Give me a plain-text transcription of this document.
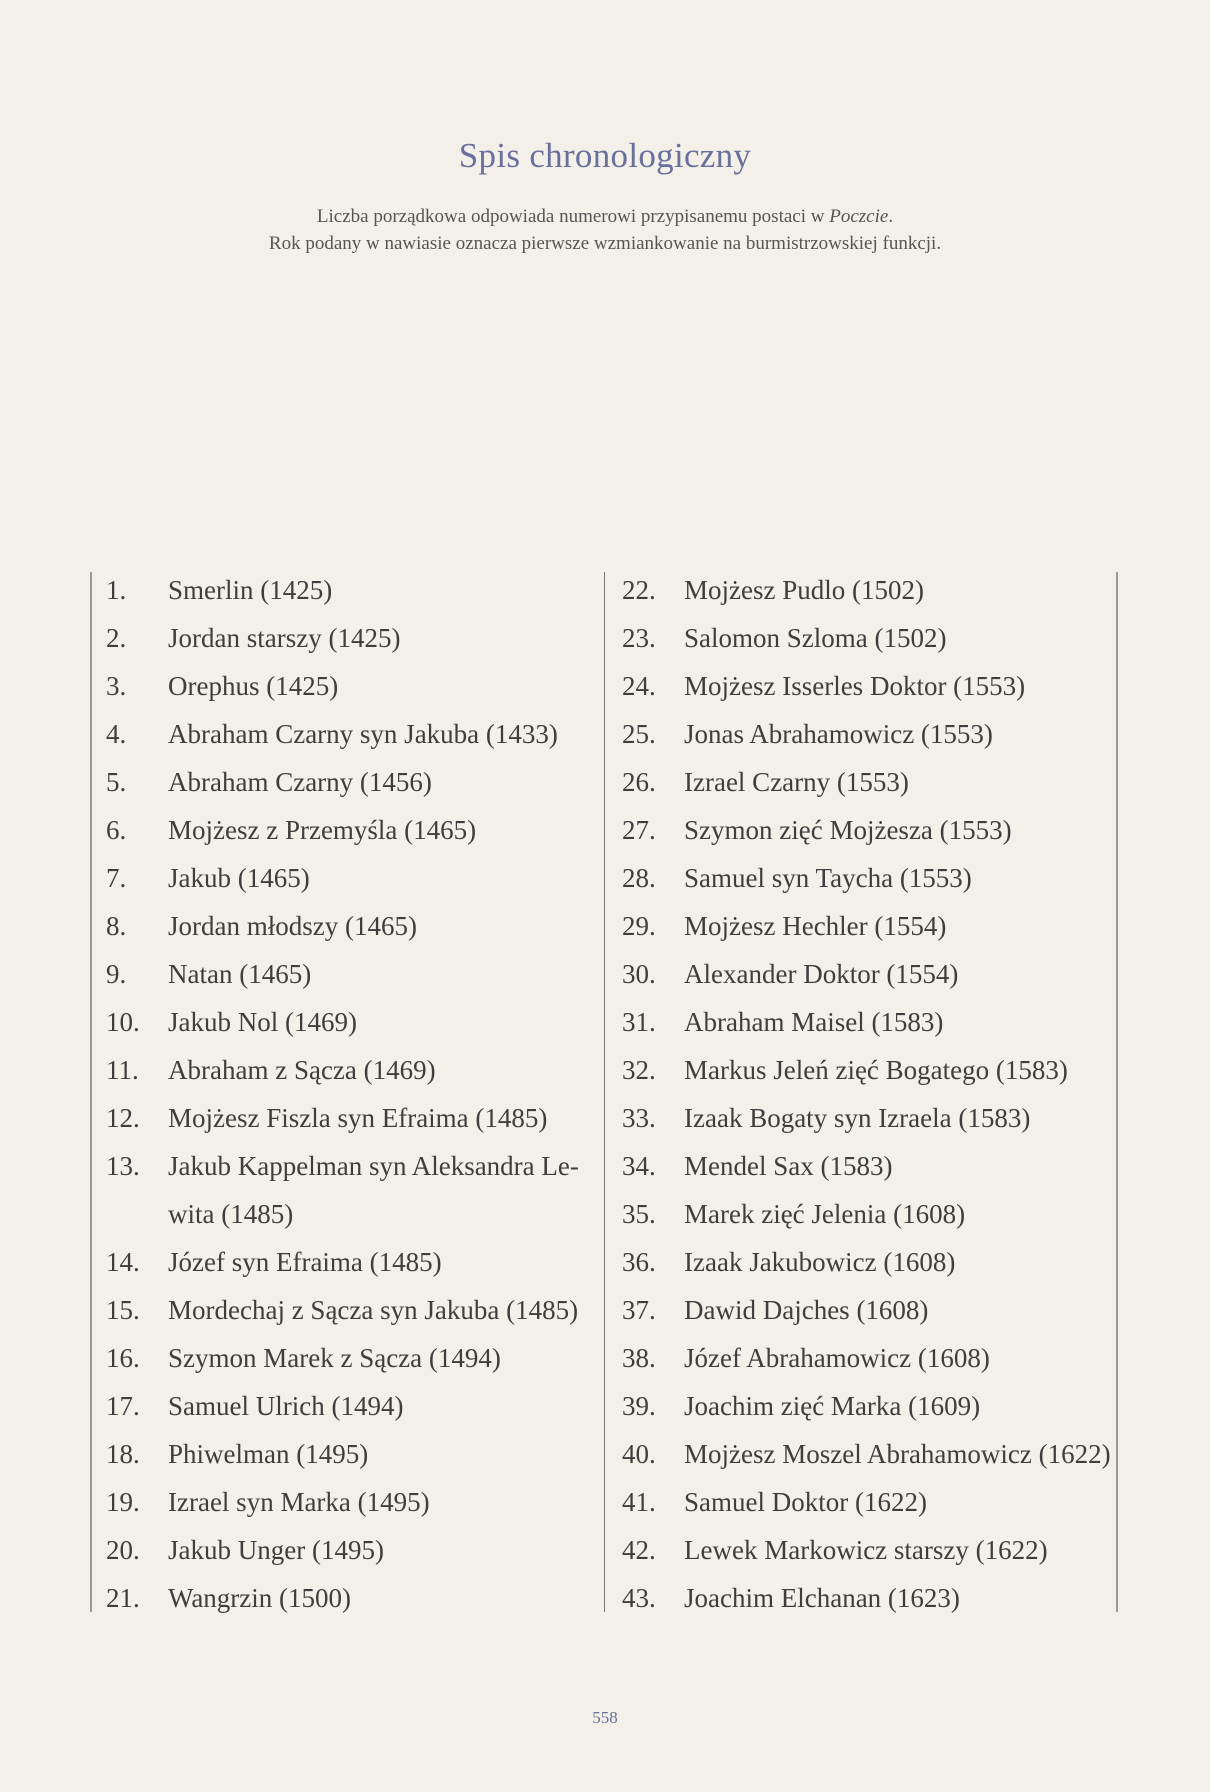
Spis chronologiczny
Liczba porządkowa odpowiada numerowi przypisanemu postaci w Poczcie.
Rok podany w nawiasie oznacza pierwsze wzmiankowanie na burmistrzowskiej funkcji.
1.	Smerlin (1425)
2.	Jordan starszy (1425)
3.	Orephus (1425)
4.	Abraham Czarny syn Jakuba (1433)
5.	Abraham Czarny (1456)
6.	Mojżesz z Przemyśla (1465)
7.	Jakub (1465)
8.	Jordan młodszy (1465)
9.	Natan (1465)
10.	Jakub Nol (1469)
11.	Abraham z Sącza (1469)
12.	Mojżesz Fiszla syn Efraima (1485)
13.	Jakub Kappelman syn Aleksandra Le-
wita (1485)
14.	Józef syn Efraima (1485)
15.	Mordechaj z Sącza syn Jakuba (1485)
16.	Szymon Marek z Sącza (1494)
17.	Samuel Ulrich (1494)
18.	Phiwelman (1495)
19.	Izrael syn Marka (1495)
20.	Jakub Unger (1495)
21.	Wangrzin (1500)
22.	Mojżesz Pudlo (1502)
23.	Salomon Szloma (1502)
24.	Mojżesz Isserles Doktor (1553)
25.	Jonas Abrahamowicz (1553)
26.	Izrael Czarny (1553)
27.	Szymon zięć Mojżesza (1553)
28.	Samuel syn Taycha (1553)
29.	Mojżesz Hechler (1554)
30.	Alexander Doktor (1554)
31.	Abraham Maisel (1583)
32.	Markus Jeleń zięć Bogatego (1583)
33.	Izaak Bogaty syn Izraela (1583)
34.	Mendel Sax (1583)
35.	Marek zięć Jelenia (1608)
36.	Izaak Jakubowicz (1608)
37.	Dawid Dajches (1608)
38.	Józef Abrahamowicz (1608)
39.	Joachim zięć Marka (1609)
40.	Mojżesz Moszel Abrahamowicz (1622)
41.	Samuel Doktor (1622)
42.	Lewek Markowicz starszy (1622)
43.	Joachim Elchanan (1623)
558
